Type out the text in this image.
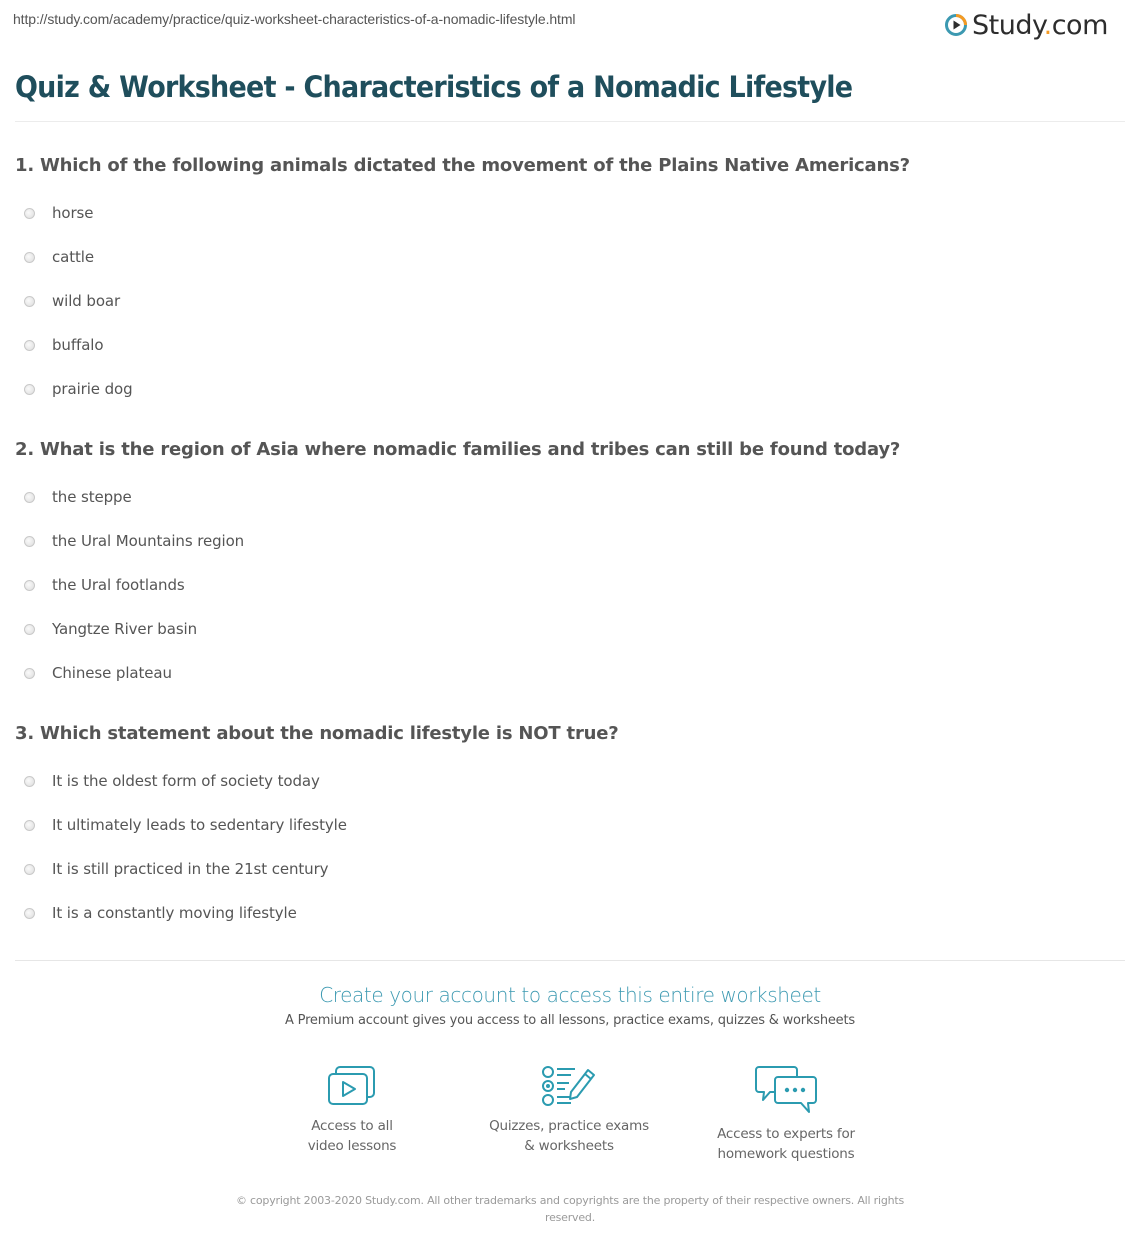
http://study.com/academy/practice/quiz-worksheet-characteristics-of-a-nomadic-lifestyle.html	Study.com
Quiz & Worksheet - Characteristics of a Nomadic Lifestyle
1. Which of the following animals dictated the movement of the Plains Native Americans?
horse
cattle
wild boar
buffalo
prairie dog
2. What is the region of Asia where nomadic families and tribes can still be found today?
the steppe
the Ural Mountains region
the Ural footlands
Yangtze River basin
Chinese plateau
3. Which statement about the nomadic lifestyle is NOT true?
It is the oldest form of society today
It ultimately leads to sedentary lifestyle
It is still practiced in the 21st century
It is a constantly moving lifestyle
Create your account to access this entire worksheet
A Premium account gives you access to all lessons, practice exams, quizzes & worksheets
Access to all
video lessons
Quizzes, practice exams
& worksheets
Access to experts for
homework questions
© copyright 2003-2020 Study.com. All other trademarks and copyrights are the property of their respective owners. All rights reserved.
